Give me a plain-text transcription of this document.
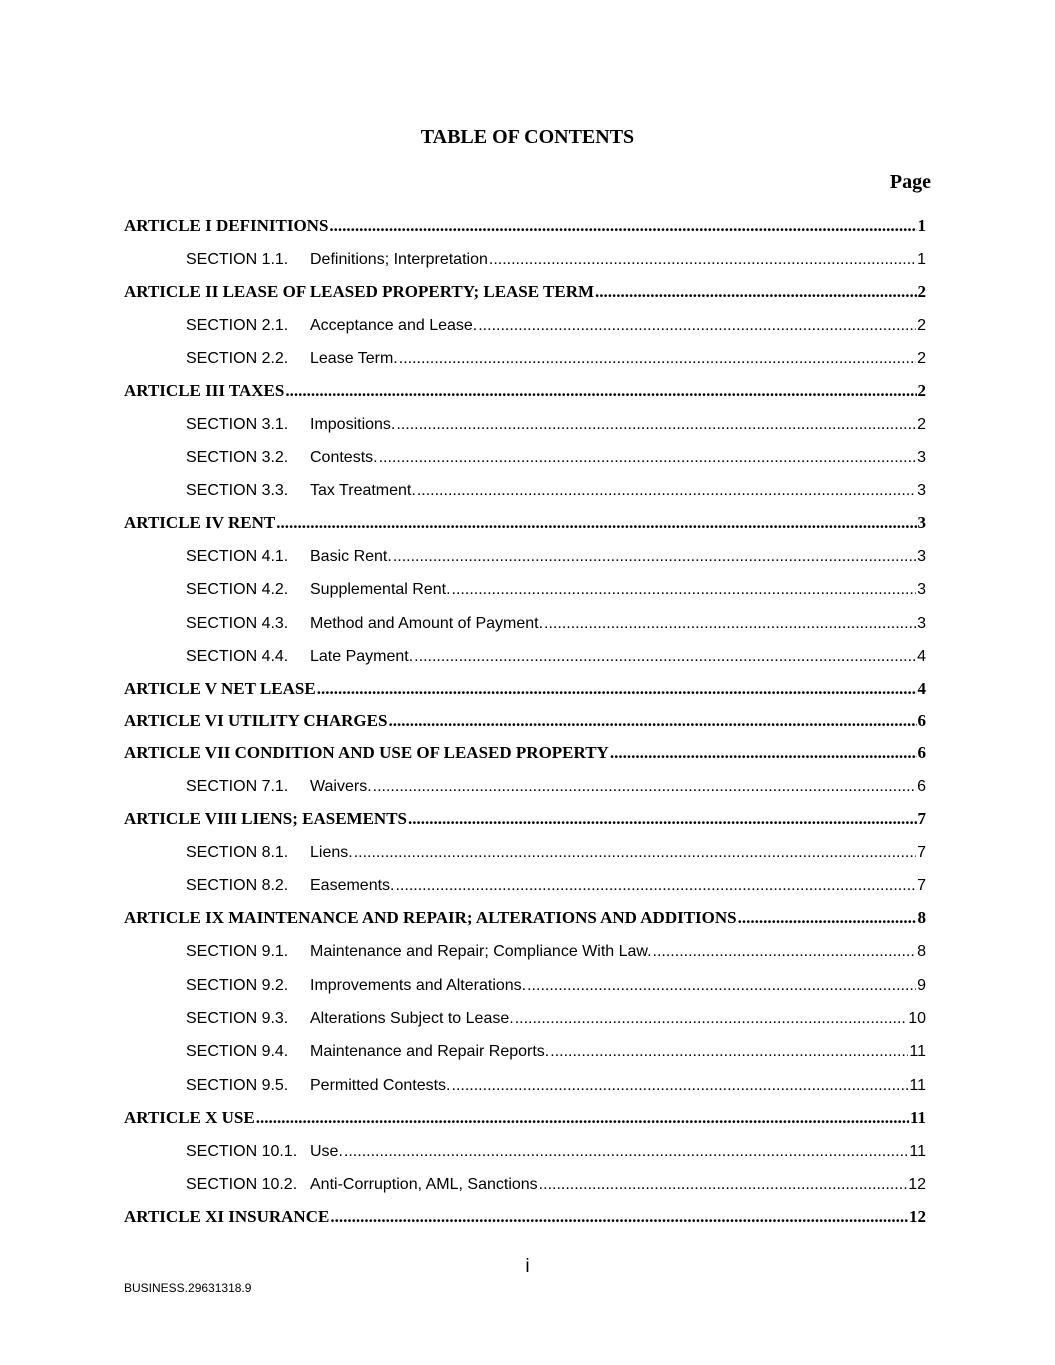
TABLE OF CONTENTS
Page
ARTICLE I DEFINITIONS .....	1
SECTION 1.1.	Definitions; Interpretation .....	1
ARTICLE II LEASE OF LEASED PROPERTY; LEASE TERM .....	2
SECTION 2.1.	Acceptance and Lease. .....	2
SECTION 2.2.	Lease Term. .....	2
ARTICLE III TAXES .....	2
SECTION 3.1.	Impositions. .....	2
SECTION 3.2.	Contests. .....	3
SECTION 3.3.	Tax Treatment. .....	3
ARTICLE IV RENT .....	3
SECTION 4.1.	Basic Rent. .....	3
SECTION 4.2.	Supplemental Rent. .....	3
SECTION 4.3.	Method and Amount of Payment. .....	3
SECTION 4.4.	Late Payment. .....	4
ARTICLE V NET LEASE .....	4
ARTICLE VI UTILITY CHARGES .....	6
ARTICLE VII CONDITION AND USE OF LEASED PROPERTY .....	6
SECTION 7.1.	Waivers. .....	6
ARTICLE VIII LIENS; EASEMENTS .....	7
SECTION 8.1.	Liens. .....	7
SECTION 8.2.	Easements. .....	7
ARTICLE IX MAINTENANCE AND REPAIR; ALTERATIONS AND ADDITIONS .....	8
SECTION 9.1.	Maintenance and Repair; Compliance With Law. .....	8
SECTION 9.2.	Improvements and Alterations. .....	9
SECTION 9.3.	Alterations Subject to Lease. .....	10
SECTION 9.4.	Maintenance and Repair Reports. .....	11
SECTION 9.5.	Permitted Contests. .....	11
ARTICLE X USE .....	11
SECTION 10.1. Use. .....	11
SECTION 10.2. Anti-Corruption, AML, Sanctions .....	12
ARTICLE XI INSURANCE .....	12
i
BUSINESS.29631318.9
